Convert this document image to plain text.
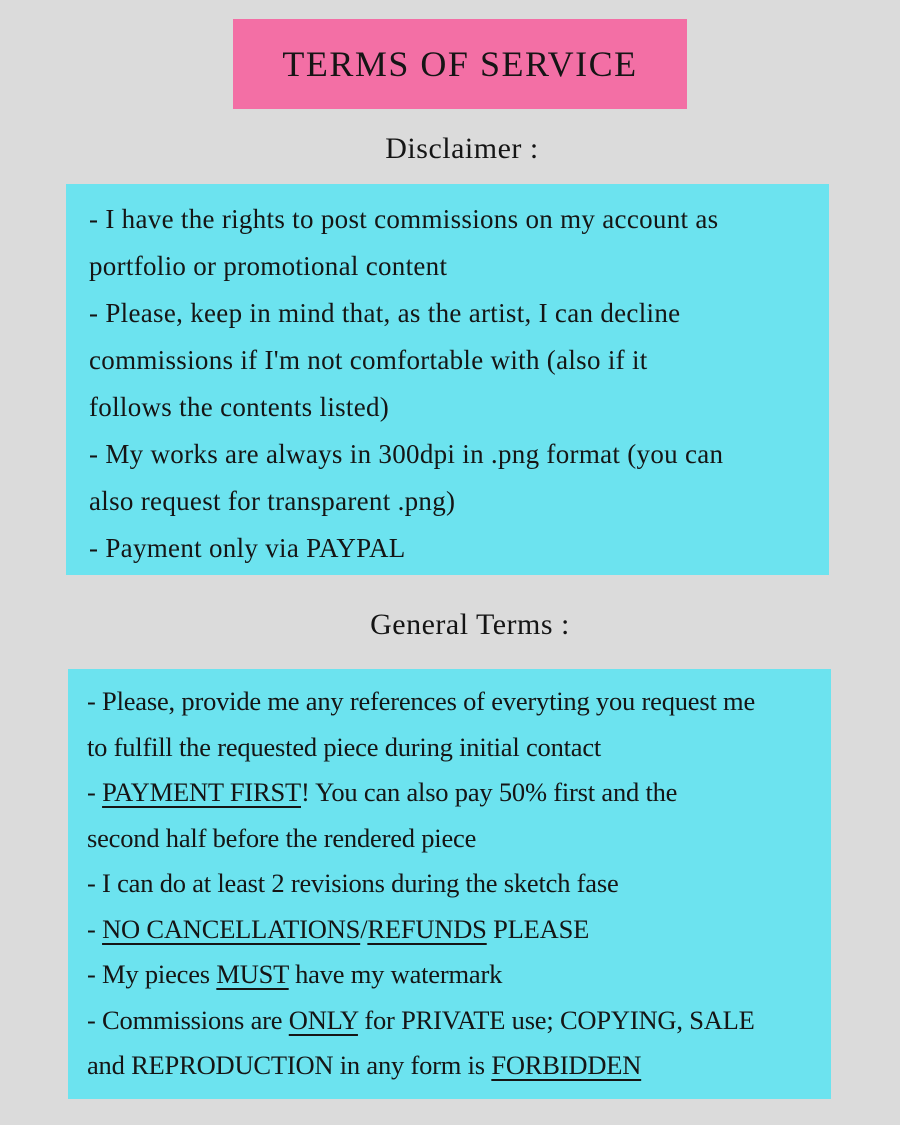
TERMS OF SERVICE
Disclaimer :
- I have the rights to post commissions on my account as
portfolio or promotional content
- Please, keep in mind that, as the artist, I can decline
commissions if I'm not comfortable with (also if it
follows the contents listed)
- My works are always in 300dpi in .png format (you can
also request for transparent .png)
- Payment only via PAYPAL
General Terms :
- Please, provide me any references of everyting you request me
to fulfill the requested piece during initial contact
- PAYMENT FIRST! You can also pay 50% first and the
second half before the rendered piece
- I can do at least 2 revisions during the sketch fase
- NO CANCELLATIONS/REFUNDS PLEASE
- My pieces MUST have my watermark
- Commissions are ONLY for PRIVATE use; COPYING, SALE
and REPRODUCTION in any form is FORBIDDEN
